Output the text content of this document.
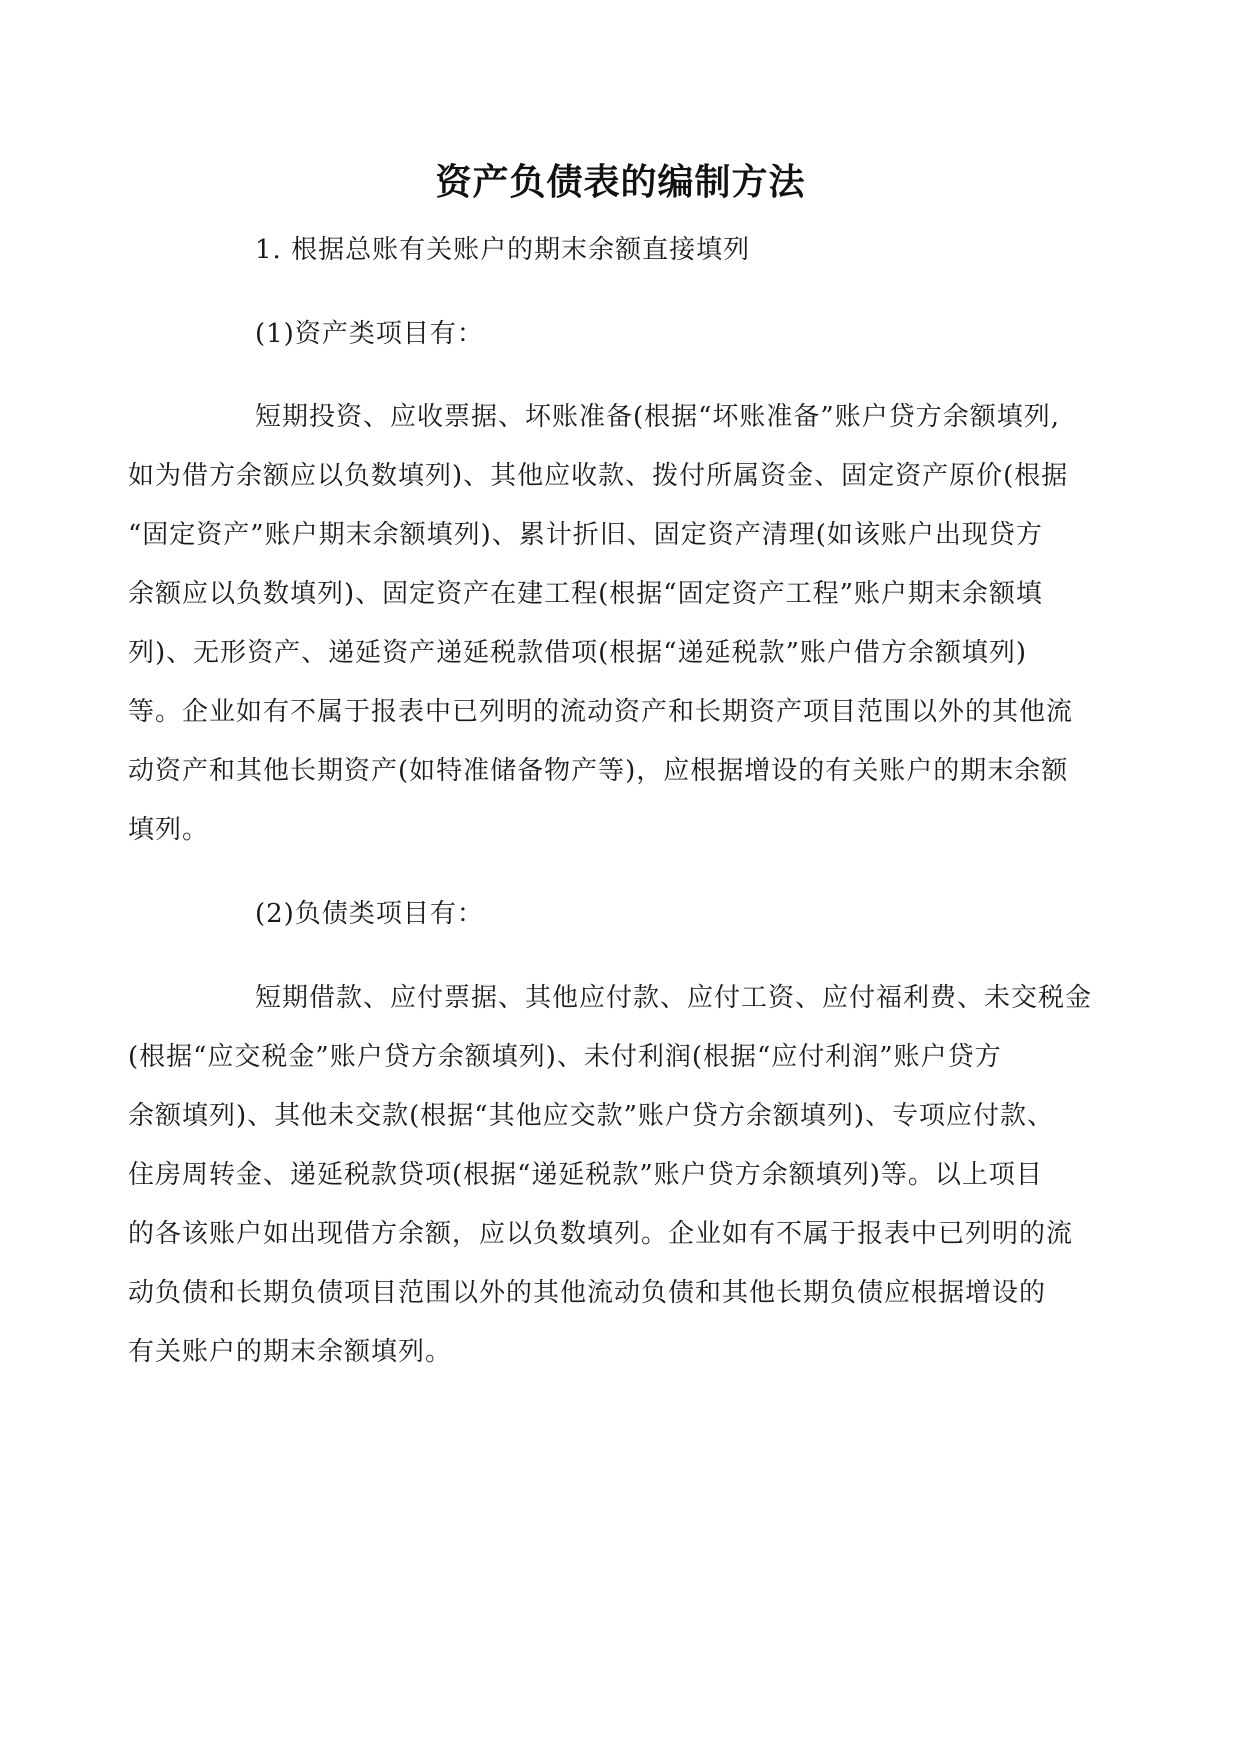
资产负债表的编制方法
1. 根据总账有关账户的期末余额直接填列
(1)资产类项目有：
短期投资、应收票据、坏账准备(根据“坏账准备”账户贷方余额填列,
如为借方余额应以负数填列)、其他应收款、拨付所属资金、固定资产原价(根据
“固定资产”账户期末余额填列)、累计折旧、固定资产清理(如该账户出现贷方
余额应以负数填列)、固定资产在建工程(根据“固定资产工程”账户期末余额填
列)、无形资产、递延资产递延税款借项(根据“递延税款”账户借方余额填列)
等。企业如有不属于报表中已列明的流动资产和长期资产项目范围以外的其他流
动资产和其他长期资产(如特准储备物产等)，应根据增设的有关账户的期末余额
填列。
(2)负债类项目有：
短期借款、应付票据、其他应付款、应付工资、应付福利费、未交税金
(根据“应交税金”账户贷方余额填列)、未付利润(根据“应付利润”账户贷方
余额填列)、其他未交款(根据“其他应交款”账户贷方余额填列)、专项应付款、
住房周转金、递延税款贷项(根据“递延税款”账户贷方余额填列)等。以上项目
的各该账户如出现借方余额，应以负数填列。企业如有不属于报表中已列明的流
动负债和长期负债项目范围以外的其他流动负债和其他长期负债应根据增设的
有关账户的期末余额填列。
